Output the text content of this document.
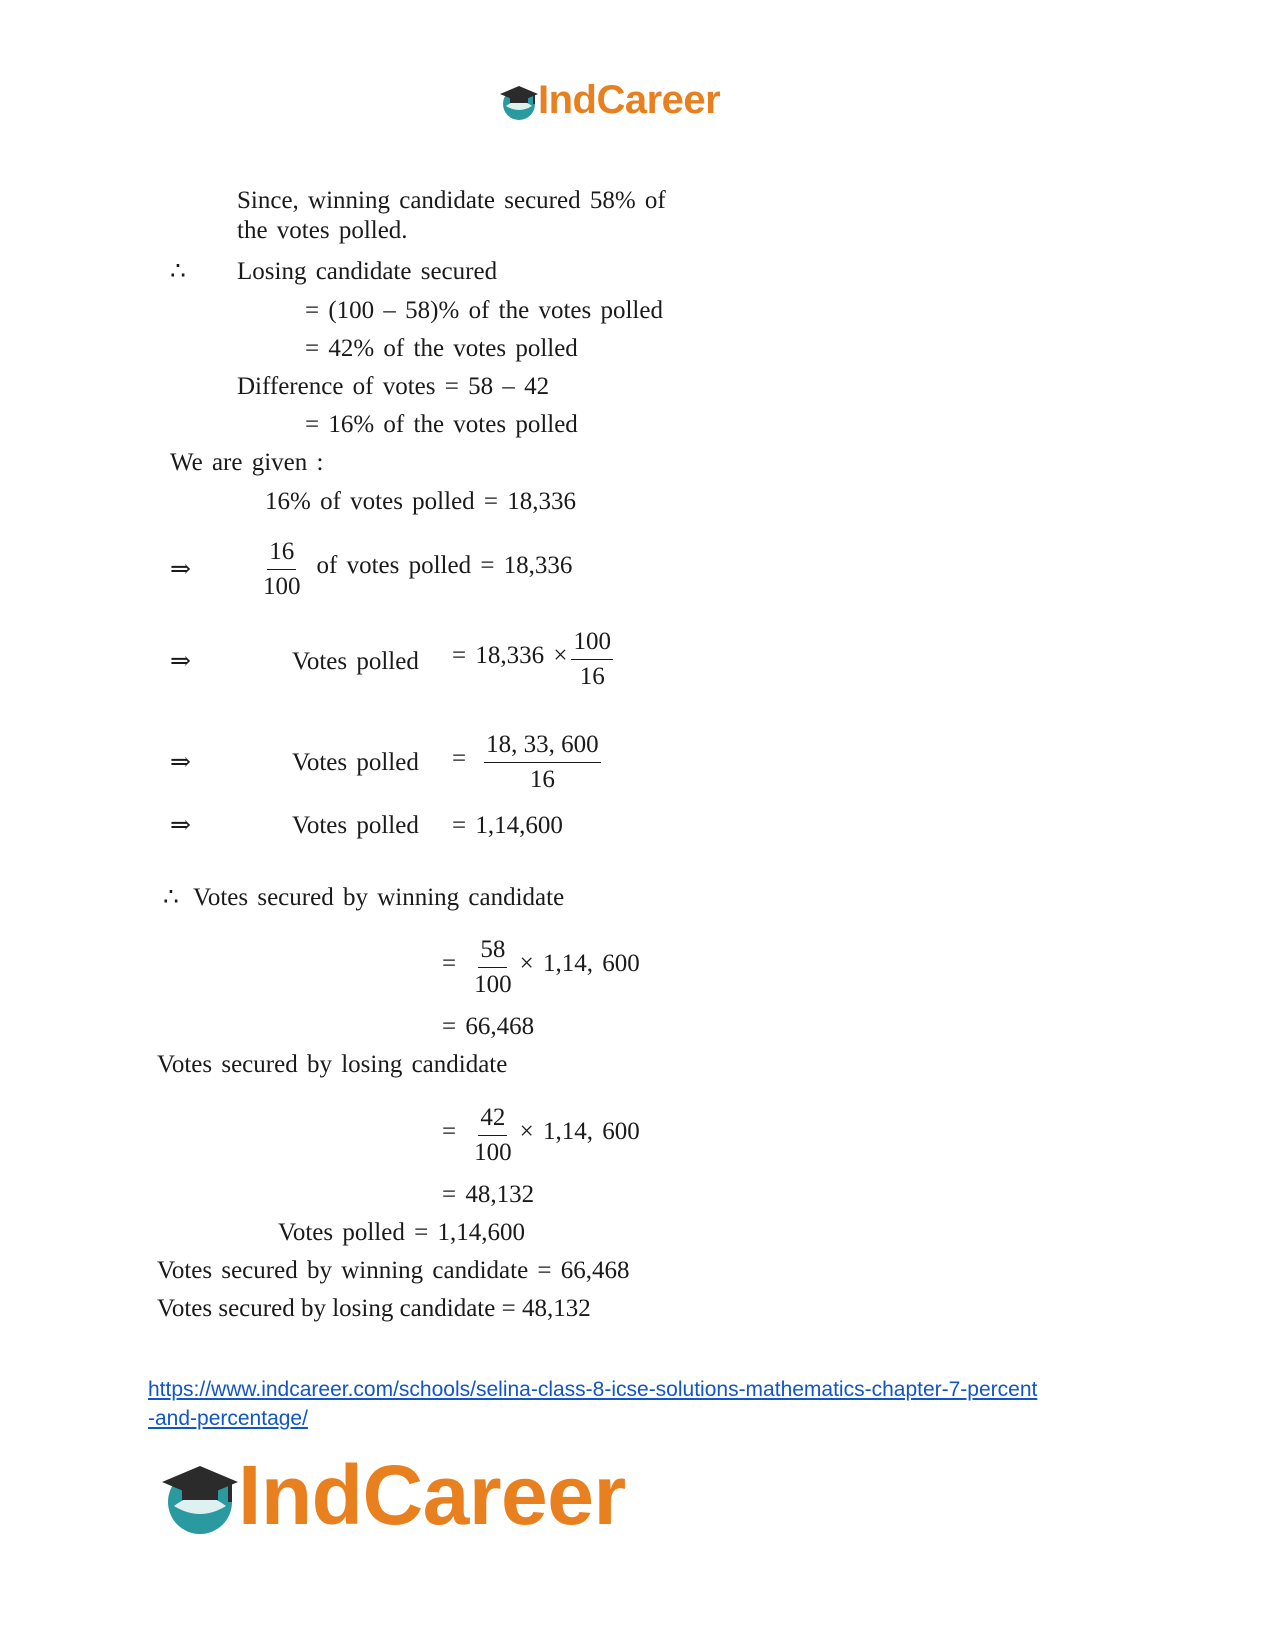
IndCareer
Since, winning candidate secured 58% of
the votes polled.
∴ Losing candidate secured
= (100 – 58)% of the votes polled
= 42% of the votes polled
Difference of votes = 58 – 42
= 16% of the votes polled
We are given :
16% of votes polled = 18,336
⇒	$\frac{16}{100}$ of votes polled = 18,336
⇒	Votes polled = $18,336 \times \frac{100}{16}$
⇒	Votes polled = $\frac{18, 33, 600}{16}$
⇒	Votes polled = 1,14,600
∴ Votes secured by winning candidate
= $\frac{58}{100} \times 1,14$, 600
= 66,468
Votes secured by losing candidate
= $\frac{42}{100} \times 1,14$, 600
= 48,132
Votes polled = 1,14,600
Votes secured by winning candidate = 66,468
Votes secured by losing candidate = 48,132
https://www.indcareer.com/schools/selina-class-8-icse-solutions-mathematics-chapter-7-percent
-and-percentage/
IndCareer
